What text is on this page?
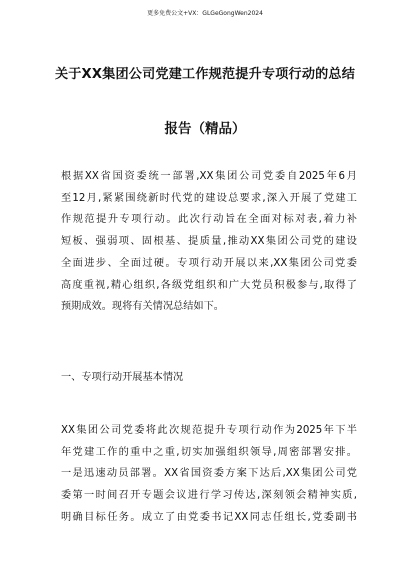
更多免费公文+VX：GLGeGongWen2024
关于XX集团公司党建工作规范提升专项行动的总结
报告（精品）
根据XX省国资委统一部署,XX集团公司党委自2025年6月
至12月,紧紧围绕新时代党的建设总要求,深入开展了党建工
作规范提升专项行动。此次行动旨在全面对标对表,着力补
短板、强弱项、固根基、提质量,推动XX集团公司党的建设
全面进步、全面过硬。专项行动开展以来,XX集团公司党委
高度重视,精心组织,各级党组织和广大党员积极参与,取得了
预期成效。现将有关情况总结如下。
一、专项行动开展基本情况
XX集团公司党委将此次规范提升专项行动作为2025年下半
年党建工作的重中之重,切实加强组织领导,周密部署安排。
一是迅速动员部署。XX省国资委方案下达后,XX集团公司党
委第一时间召开专题会议进行学习传达,深刻领会精神实质,
明确目标任务。成立了由党委书记XX同志任组长,党委副书
